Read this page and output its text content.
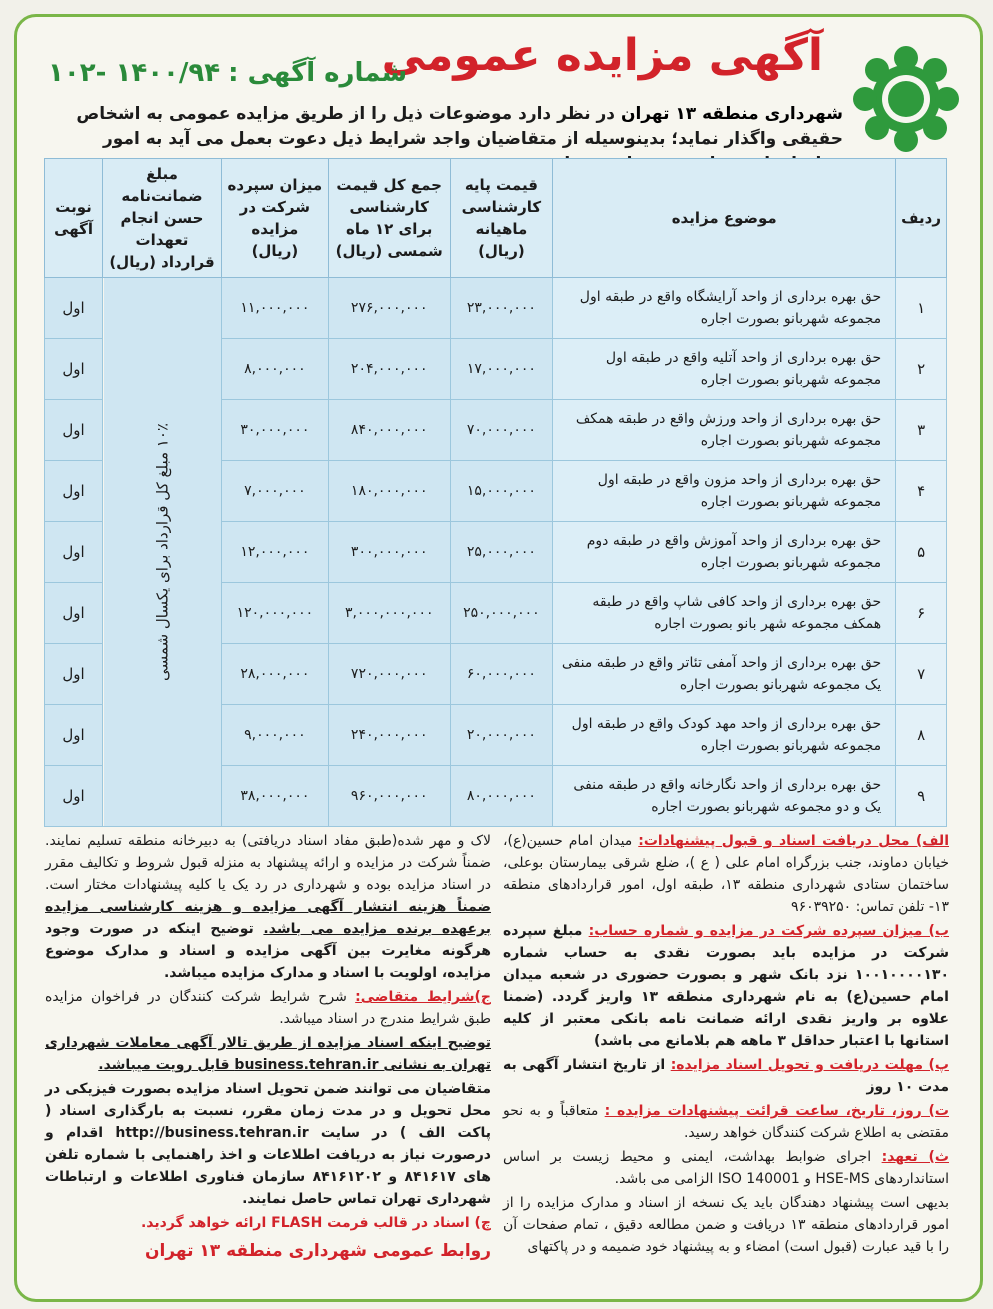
آگهی مزایده عمومی
شماره آگهی :
۱۴۰۰/۹۴ -۱۰۲
شهرداری منطقه ۱۳ تهران در نظر دارد موضوعات ذیل را از طریق مزایده عمومی به اشخاص حقیقی واگذار نماید؛ بدینوسیله از متقاضیان واجد شرایط ذیل دعوت بعمل می آید به امور
ردیف	موضوع مزایده	قیمت پایه کارشناسی ماهیانه (ریال)	جمع کل قیمت کارشناسی برای ۱۲ ماه شمسی (ریال)	میزان سپرده شرکت در مزایده (ریال)	مبلغ ضمانت‌نامه حسن انجام تعهدات قرارداد (ریال)	نوبت آگهی
۱	حق بهره برداری از واحد آرایشگاه واقع در طبقه اول مجموعه شهربانو بصورت اجاره	۲۳,۰۰۰,۰۰۰	۲۷۶,۰۰۰,۰۰۰	۱۱,۰۰۰,۰۰۰	۱۰٪ مبلغ کل قرارداد برای یکسال شمسی	اول
۲	حق بهره برداری از واحد آتلیه واقع در طبقه اول مجموعه شهربانو بصورت اجاره	۱۷,۰۰۰,۰۰۰	۲۰۴,۰۰۰,۰۰۰	۸,۰۰۰,۰۰۰		اول
۳	حق بهره برداری از واحد ورزش واقع در طبقه همکف مجموعه شهربانو بصورت اجاره	۷۰,۰۰۰,۰۰۰	۸۴۰,۰۰۰,۰۰۰	۳۰,۰۰۰,۰۰۰		اول
۴	حق بهره برداری از واحد مزون واقع در طبقه اول مجموعه شهربانو بصورت اجاره	۱۵,۰۰۰,۰۰۰	۱۸۰,۰۰۰,۰۰۰	۷,۰۰۰,۰۰۰		اول
۵	حق بهره برداری از واحد آموزش واقع در طبقه دوم مجموعه شهربانو بصورت اجاره	۲۵,۰۰۰,۰۰۰	۳۰۰,۰۰۰,۰۰۰	۱۲,۰۰۰,۰۰۰		اول
۶	حق بهره برداری از واحد کافی شاپ واقع در طبقه همکف مجموعه شهر بانو بصورت اجاره	۲۵۰,۰۰۰,۰۰۰	۳,۰۰۰,۰۰۰,۰۰۰	۱۲۰,۰۰۰,۰۰۰		اول
۷	حق بهره برداری از واحد آمفی تئاتر واقع در طبقه منفی یک مجموعه شهربانو بصورت اجاره	۶۰,۰۰۰,۰۰۰	۷۲۰,۰۰۰,۰۰۰	۲۸,۰۰۰,۰۰۰		اول
۸	حق بهره برداری از واحد مهد کودک واقع در طبقه اول مجموعه شهربانو بصورت اجاره	۲۰,۰۰۰,۰۰۰	۲۴۰,۰۰۰,۰۰۰	۹,۰۰۰,۰۰۰		اول
۹	حق بهره برداری از واحد نگارخانه واقع در طبقه منفی یک و دو مجموعه شهربانو بصورت اجاره	۸۰,۰۰۰,۰۰۰	۹۶۰,۰۰۰,۰۰۰	۳۸,۰۰۰,۰۰۰		اول

الف) محل دریافت اسناد و قبول پیشنهادات: میدان امام حسین(ع)، خیابان دماوند، جنب بزرگراه امام علی ( ع )، ضلع شرقی بیمارستان بوعلی، ساختمان ستادی شهرداری منطقه ۱۳، طبقه اول، امور قراردادهای منطقه ۱۳- تلفن تماس: ۹۶۰۳۹۲۵۰

ب) میزان سپرده شرکت در مزایده و شماره حساب: مبلغ سپرده شرکت در مزایده باید بصورت نقدی به حساب شماره ۱۰۰۱۰۰۰۰۱۳۰ نزد بانک شهر و بصورت حضوری در شعبه میدان امام حسین(ع) به نام شهرداری منطقه ۱۳ واریز گردد. (ضمنا علاوه بر واریز نقدی ارائه ضمانت نامه بانکی معتبر از کلیه استانها با اعتبار حداقل ۳ ماهه هم بلامانع می باشد)

پ) مهلت دریافت و تحویل اسناد مزایده: از تاریخ انتشار آگهی به مدت ۱۰ روز

ت) روز، تاریخ، ساعت قرائت پیشنهادات مزایده : متعاقباً و به نحو مقتضی به اطلاع شرکت کنندگان خواهد رسید.

ث) تعهد: اجرای ضوابط بهداشت، ایمنی و محیط زیست بر اساس استانداردهای HSE-MS و ISO 140001 الزامی می باشد.

بدیهی است پیشنهاد دهندگان باید یک نسخه از اسناد و مدارک مزایده را از امور قراردادهای منطقه ۱۳ دریافت و ضمن مطالعه دقیق ، تمام صفحات آن را با قید عبارت (قبول است) امضاء و به پیشنهاد خود ضمیمه و در پاکتهای

لاک و مهر شده(طبق مفاد اسناد دریافتی) به دبیرخانه منطقه تسلیم نمایند. ضمناً شرکت در مزایده و ارائه پیشنهاد به منزله قبول شروط و تکالیف مقرر در اسناد مزایده بوده و شهرداری در رد یک یا کلیه پیشنهادات مختار است. ضمناً هزینه انتشار آگهی مزایده و هزینه کارشناسی مزایده برعهده برنده مزایده می باشد. توضیح اینکه در صورت وجود هرگونه مغایرت بین آگهی مزایده و اسناد و مدارک موضوع مزایده، اولویت با اسناد و مدارک مزایده میباشد.

ج)شرایط متقاضی: شرح شرایط شرکت کنندگان در فراخوان مزایده طبق شرایط مندرج در اسناد میباشد.

توضیح اینکه اسناد مزایده از طریق تالار آگهی معاملات شهرداری تهران به نشانی business.tehran.ir قابل رویت میباشد.

متقاضیان می توانند ضمن تحویل اسناد مزایده بصورت فیزیکی در محل تحویل و در مدت زمان مقرر، نسبت به بارگذاری اسناد ( پاکت الف ) در سایت http://business.tehran.ir اقدام و درصورت نیاز به دریافت اطلاعات و اخذ راهنمایی با شماره تلفن های ۸۴۱۶۱۷ و ۸۴۱۶۱۲۰۲ سازمان فناوری اطلاعات و ارتباطات شهرداری تهران تماس حاصل نمایند.

چ) اسناد در قالب فرمت FLASH ارائه خواهد گردید.

روابط عمومی شهرداری منطقه ۱۳ تهران
